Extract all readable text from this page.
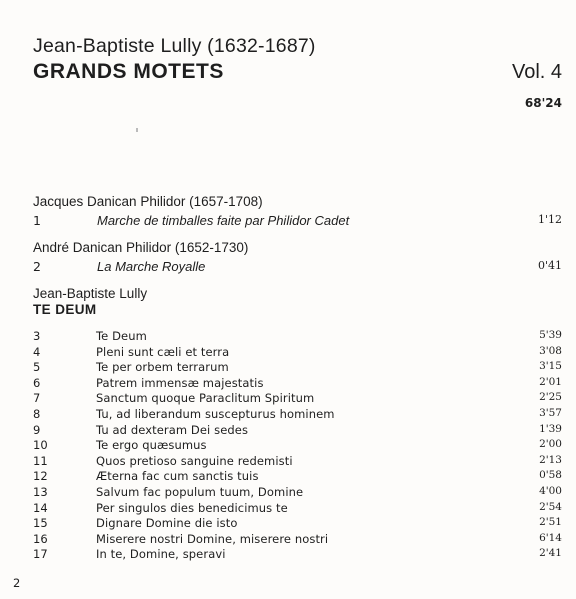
Jean-Baptiste Lully (1632-1687)
GRANDS MOTETS	Vol. 4
68'24
Jacques Danican Philidor (1657-1708)
1	Marche de timballes faite par Philidor Cadet	1'12
André Danican Philidor (1652-1730)
2	La Marche Royalle	0'41
Jean-Baptiste Lully
TE DEUM
3	Te Deum	5'39
4	Pleni sunt cæli et terra	3'08
5	Te per orbem terrarum	3'15
6	Patrem immensæ majestatis	2'01
7	Sanctum quoque Paraclitum Spiritum	2'25
8	Tu, ad liberandum suscepturus hominem	3'57
9	Tu ad dexteram Dei sedes	1'39
10	Te ergo quæsumus	2'00
11	Quos pretioso sanguine redemisti	2'13
12	Æterna fac cum sanctis tuis	0'58
13	Salvum fac populum tuum, Domine	4'00
14	Per singulos dies benedicimus te	2'54
15	Dignare Domine die isto	2'51
16	Miserere nostri Domine, miserere nostri	6'14
17	In te, Domine, speravi	2'41
2
